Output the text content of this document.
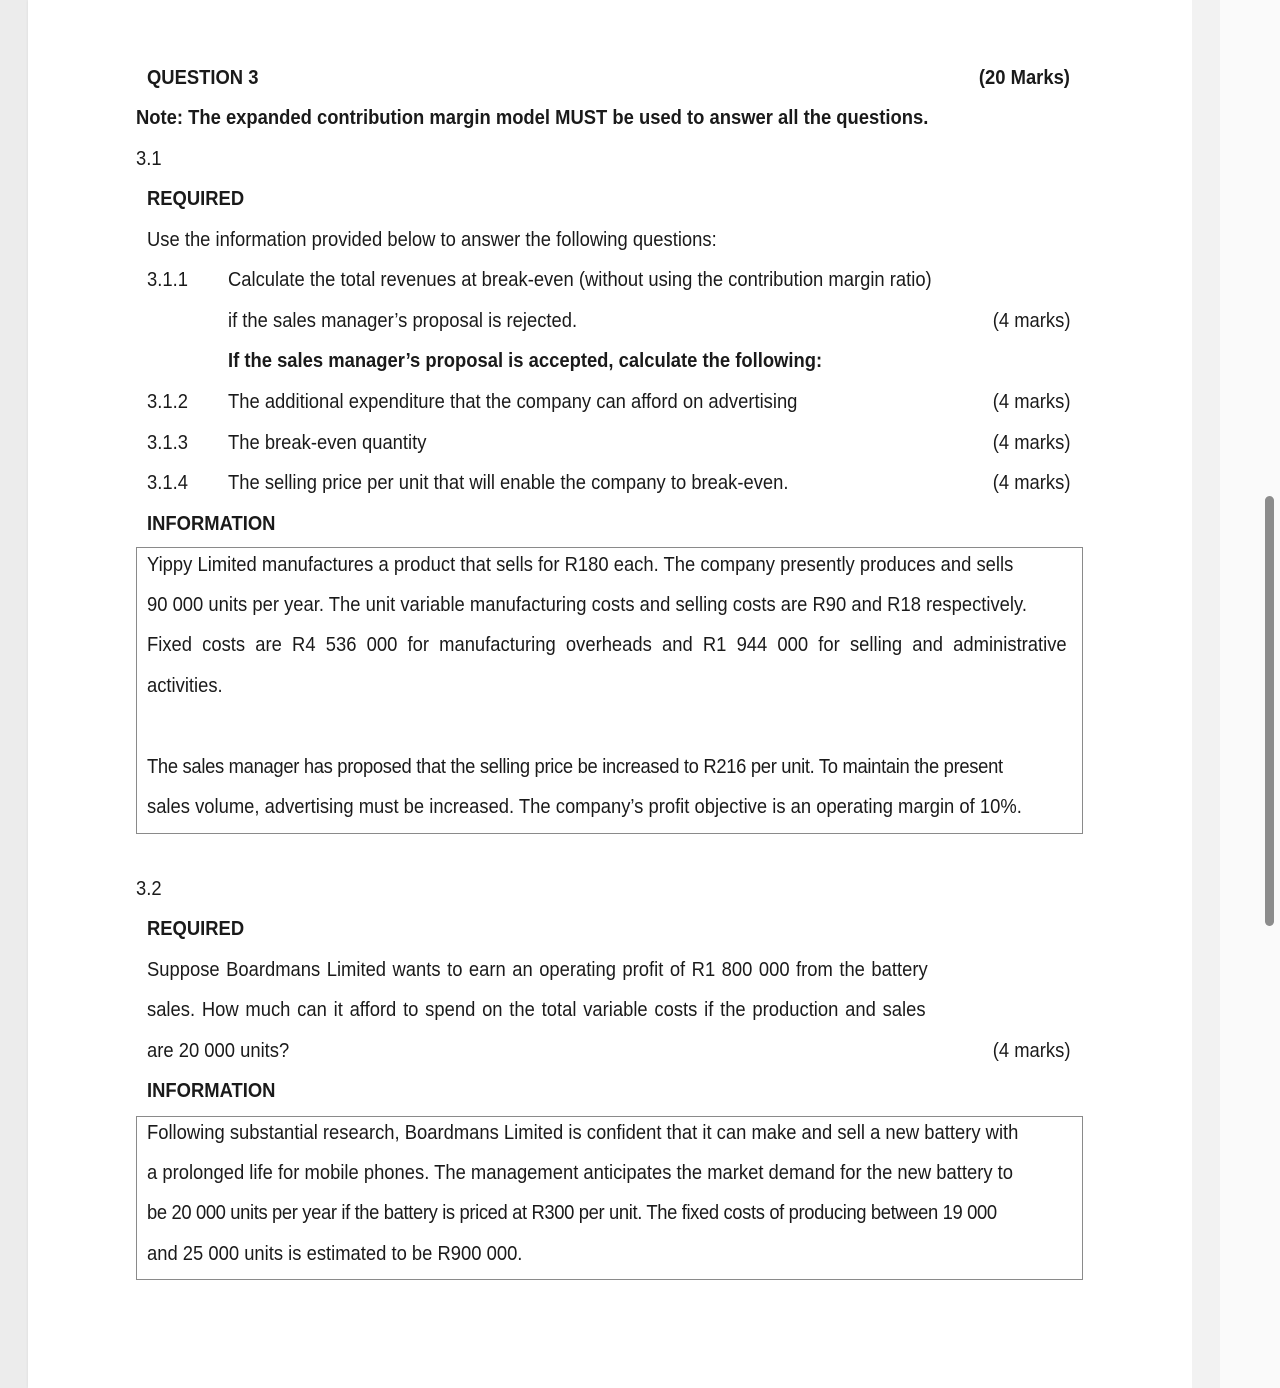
QUESTION 3	(20 Marks)
Note: The expanded contribution margin model MUST be used to answer all the questions.
3.1
REQUIRED
Use the information provided below to answer the following questions:
3.1.1 Calculate the total revenues at break-even (without using the contribution margin ratio)
if the sales manager’s proposal is rejected.	(4 marks)
If the sales manager’s proposal is accepted, calculate the following:
3.1.2 The additional expenditure that the company can afford on advertising	(4 marks)
3.1.3 The break-even quantity	(4 marks)
3.1.4 The selling price per unit that will enable the company to break-even.	(4 marks)
INFORMATION
Yippy Limited manufactures a product that sells for R180 each. The company presently produces and sells
90 000 units per year. The unit variable manufacturing costs and selling costs are R90 and R18 respectively.
Fixed costs are R4 536 000 for manufacturing overheads and R1 944 000 for selling and administrative
activities.
The sales manager has proposed that the selling price be increased to R216 per unit. To maintain the present
sales volume, advertising must be increased. The company’s profit objective is an operating margin of 10%.
3.2
REQUIRED
Suppose Boardmans Limited wants to earn an operating profit of R1 800 000 from the battery
sales. How much can it afford to spend on the total variable costs if the production and sales
are 20 000 units?	(4 marks)
INFORMATION
Following substantial research, Boardmans Limited is confident that it can make and sell a new battery with
a prolonged life for mobile phones. The management anticipates the market demand for the new battery to
be 20 000 units per year if the battery is priced at R300 per unit. The fixed costs of producing between 19 000
and 25 000 units is estimated to be R900 000.
